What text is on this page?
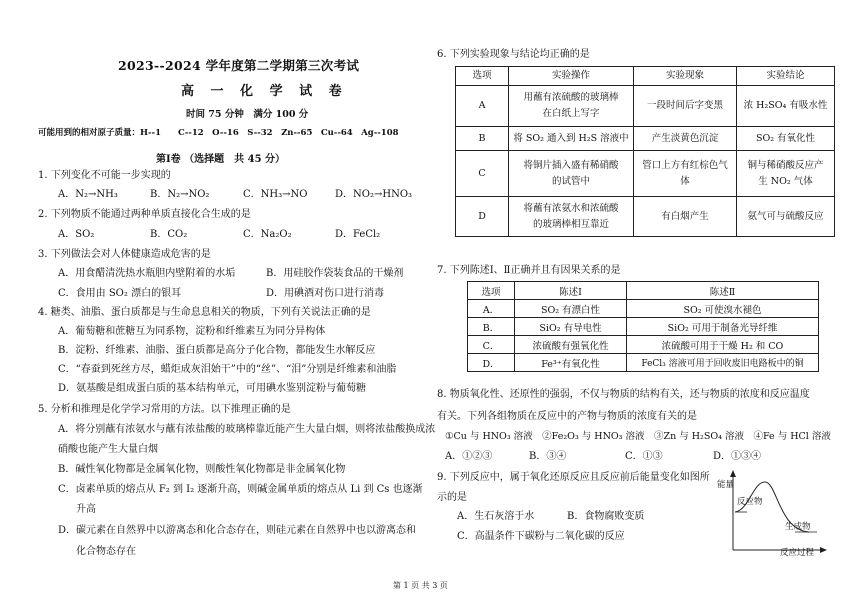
2023--2024 学年度第二学期第三次考试
高 一 化 学 试 卷
时间 75 分钟　满分 100 分
可能用到的相对原子质量：H--1　　C--12　O--16　S--32　Zn--65　Cu--64　Ag--108
第Ⅰ卷 （选择题　共 45 分）
1. 下列变化不可能一步实现的
A．N₂→NH₃	B．N₂→NO₂	C．NH₃→NO	D．NO₂→HNO₃
2. 下列物质不能通过两种单质直接化合生成的是
A．SO₂	B．CO₂	C．Na₂O₂	D．FeCl₂
3. 下列做法会对人体健康造成危害的是
A．用食醋清洗热水瓶胆内壁附着的水垢	B．用硅胶作袋装食品的干燥剂
C．食用由 SO₂ 漂白的银耳	D．用碘酒对伤口进行消毒
4. 糖类、油脂、蛋白质都是与生命息息相关的物质，下列有关说法正确的是
A．葡萄糖和蔗糖互为同系物，淀粉和纤维素互为同分异构体
B．淀粉、纤维素、油脂、蛋白质都是高分子化合物，都能发生水解反应
C．“春蚕到死丝方尽，蜡炬成灰泪始干”中的“丝”、“泪”分别是纤维素和油脂
D．氨基酸是组成蛋白质的基本结构单元，可用碘水鉴别淀粉与葡萄糖
5. 分析和推理是化学学习常用的方法。以下推理正确的是
A．将分别蘸有浓氨水与蘸有浓盐酸的玻璃棒靠近能产生大量白烟，则将浓盐酸换成浓
硝酸也能产生大量白烟
B．碱性氧化物都是金属氧化物，则酸性氧化物都是非金属氧化物
C．卤素单质的熔点从 F₂ 到 I₂ 逐渐升高，则碱金属单质的熔点从 Li 到 Cs 也逐渐
升高
D．碳元素在自然界中以游离态和化合态存在，则硅元素在自然界中也以游离态和
化合物态存在
6. 下列实验现象与结论均正确的是
选项	实验操作	实验现象	实验结论
A	用蘸有浓硫酸的玻璃棒
在白纸上写字	一段时间后字变黑	浓 H₂SO₄ 有吸水性
B	将 SO₂ 通入到 H₂S 溶液中	产生淡黄色沉淀	SO₂ 有氧化性
C	将铜片插入盛有稀硝酸
的试管中	管口上方有红棕色气
体	铜与稀硝酸反应产
生 NO₂ 气体
D	将蘸有浓氨水和浓硫酸
的玻璃棒相互靠近	有白烟产生	氨气可与硫酸反应
7. 下列陈述Ⅰ、Ⅱ正确并且有因果关系的是
选项	陈述Ⅰ	陈述Ⅱ
A．	SO₂ 有漂白性	SO₂ 可使溴水褪色
B．	SiO₂ 有导电性	SiO₂ 可用于制备光导纤维
C．	浓硫酸有强氧化性	浓硫酸可用于干燥 H₂ 和 CO
D．	Fe³⁺有氧化性	FeCl₃ 溶液可用于回收废旧电路板中的铜
8. 物质氧化性、还原性的强弱，不仅与物质的结构有关，还与物质的浓度和反应温度
有关。下列各组物质在反应中的产物与物质的浓度有关的是
①Cu 与 HNO₃ 溶液　②Fe₂O₃ 与 HNO₃ 溶液　③Zn 与 H₂SO₄ 溶液　④Fe 与 HCl 溶液
A．①②③	B．③④	C．①③	D．①③④
9. 下列反应中，属于氧化还原反应且反应前后能量变化如图所
示的是
A．生石灰溶于水	B．食物腐败变质
C．高温条件下碳粉与二氧化碳的反应
能量
反应物
生成物
反应过程
第 1 页 共 3 页
